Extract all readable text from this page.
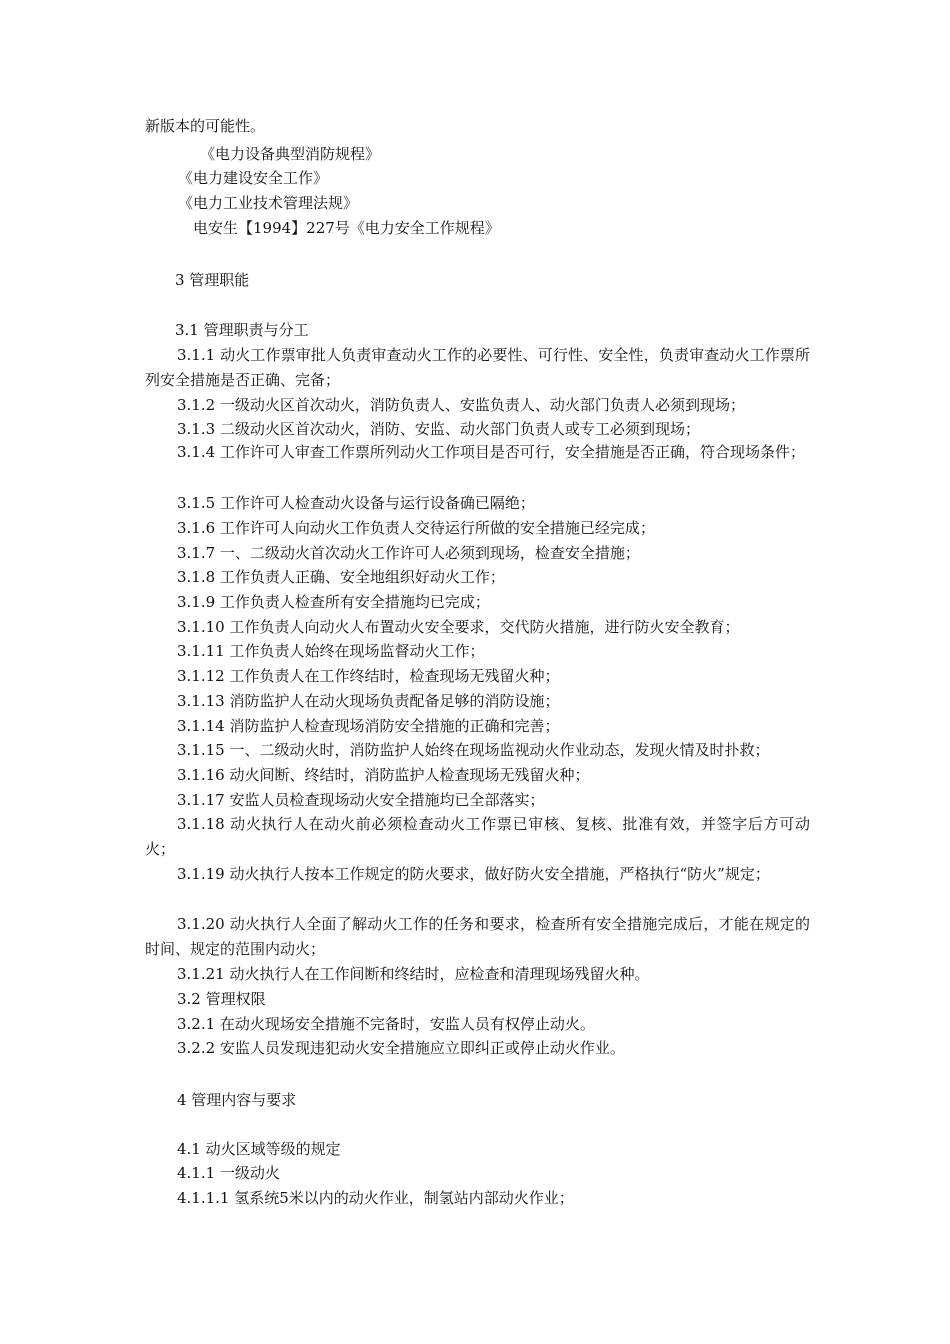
新版本的可能性。
《电力设备典型消防规程》
《电力建设安全工作》
《电力工业技术管理法规》
电安生【1994】227号《电力安全工作规程》
3 管理职能
3.1 管理职责与分工
3.1.1 动火工作票审批人负责审查动火工作的必要性、可行性、安全性，负责审查动火工作票所列安全措施是否正确、完备；
3.1.2 一级动火区首次动火，消防负责人、安监负责人、动火部门负责人必须到现场；
3.1.3 二级动火区首次动火，消防、安监、动火部门负责人或专工必须到现场；
3.1.4 工作许可人审查工作票所列动火工作项目是否可行，安全措施是否正确，符合现场条件；
3.1.5 工作许可人检查动火设备与运行设备确已隔绝；
3.1.6 工作许可人向动火工作负责人交待运行所做的安全措施已经完成；
3.1.7 一、二级动火首次动火工作许可人必须到现场，检查安全措施；
3.1.8 工作负责人正确、安全地组织好动火工作；
3.1.9 工作负责人检查所有安全措施均已完成；
3.1.10 工作负责人向动火人布置动火安全要求，交代防火措施，进行防火安全教育；
3.1.11 工作负责人始终在现场监督动火工作；
3.1.12 工作负责人在工作终结时，检查现场无残留火种；
3.1.13 消防监护人在动火现场负责配备足够的消防设施；
3.1.14 消防监护人检查现场消防安全措施的正确和完善；
3.1.15 一、二级动火时，消防监护人始终在现场监视动火作业动态，发现火情及时扑救；
3.1.16 动火间断、终结时，消防监护人检查现场无残留火种；
3.1.17 安监人员检查现场动火安全措施均已全部落实；
3.1.18 动火执行人在动火前必须检查动火工作票已审核、复核、批准有效，并签字后方可动火；
3.1.19 动火执行人按本工作规定的防火要求，做好防火安全措施，严格执行“防火”规定；
3.1.20 动火执行人全面了解动火工作的任务和要求，检查所有安全措施完成后，才能在规定的时间、规定的范围内动火；
3.1.21 动火执行人在工作间断和终结时，应检查和清理现场残留火种。
3.2 管理权限
3.2.1 在动火现场安全措施不完备时，安监人员有权停止动火。
3.2.2 安监人员发现违犯动火安全措施应立即纠正或停止动火作业。
4 管理内容与要求
4.1 动火区域等级的规定
4.1.1 一级动火
4.1.1.1 氢系统5米以内的动火作业，制氢站内部动火作业；
